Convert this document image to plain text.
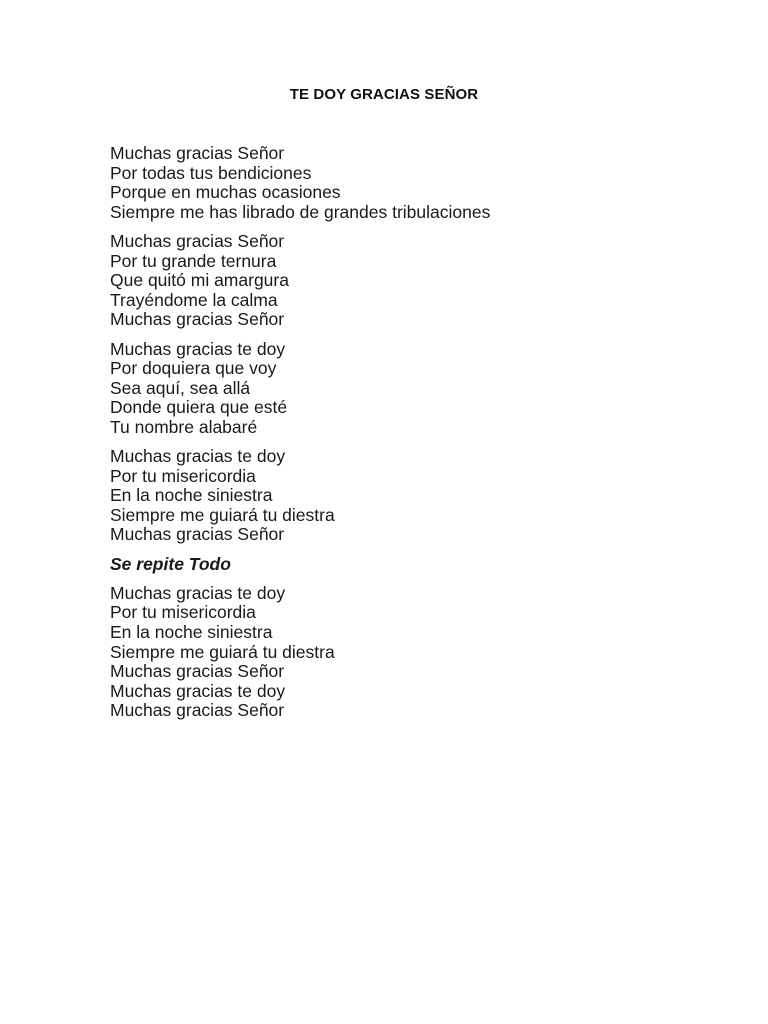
TE DOY GRACIAS SEÑOR
Muchas gracias Señor
Por todas tus bendiciones
Porque en muchas ocasiones
Siempre me has librado de grandes tribulaciones
Muchas gracias Señor
Por tu grande ternura
Que quitó mi amargura
Trayéndome la calma
Muchas gracias Señor
Muchas gracias te doy
Por doquiera que voy
Sea aquí, sea allá
Donde quiera que esté
Tu nombre alabaré
Muchas gracias te doy
Por tu misericordia
En la noche siniestra
Siempre me guiará tu diestra
Muchas gracias Señor
Se repite Todo
Muchas gracias te doy
Por tu misericordia
En la noche siniestra
Siempre me guiará tu diestra
Muchas gracias Señor
Muchas gracias te doy
Muchas gracias Señor
